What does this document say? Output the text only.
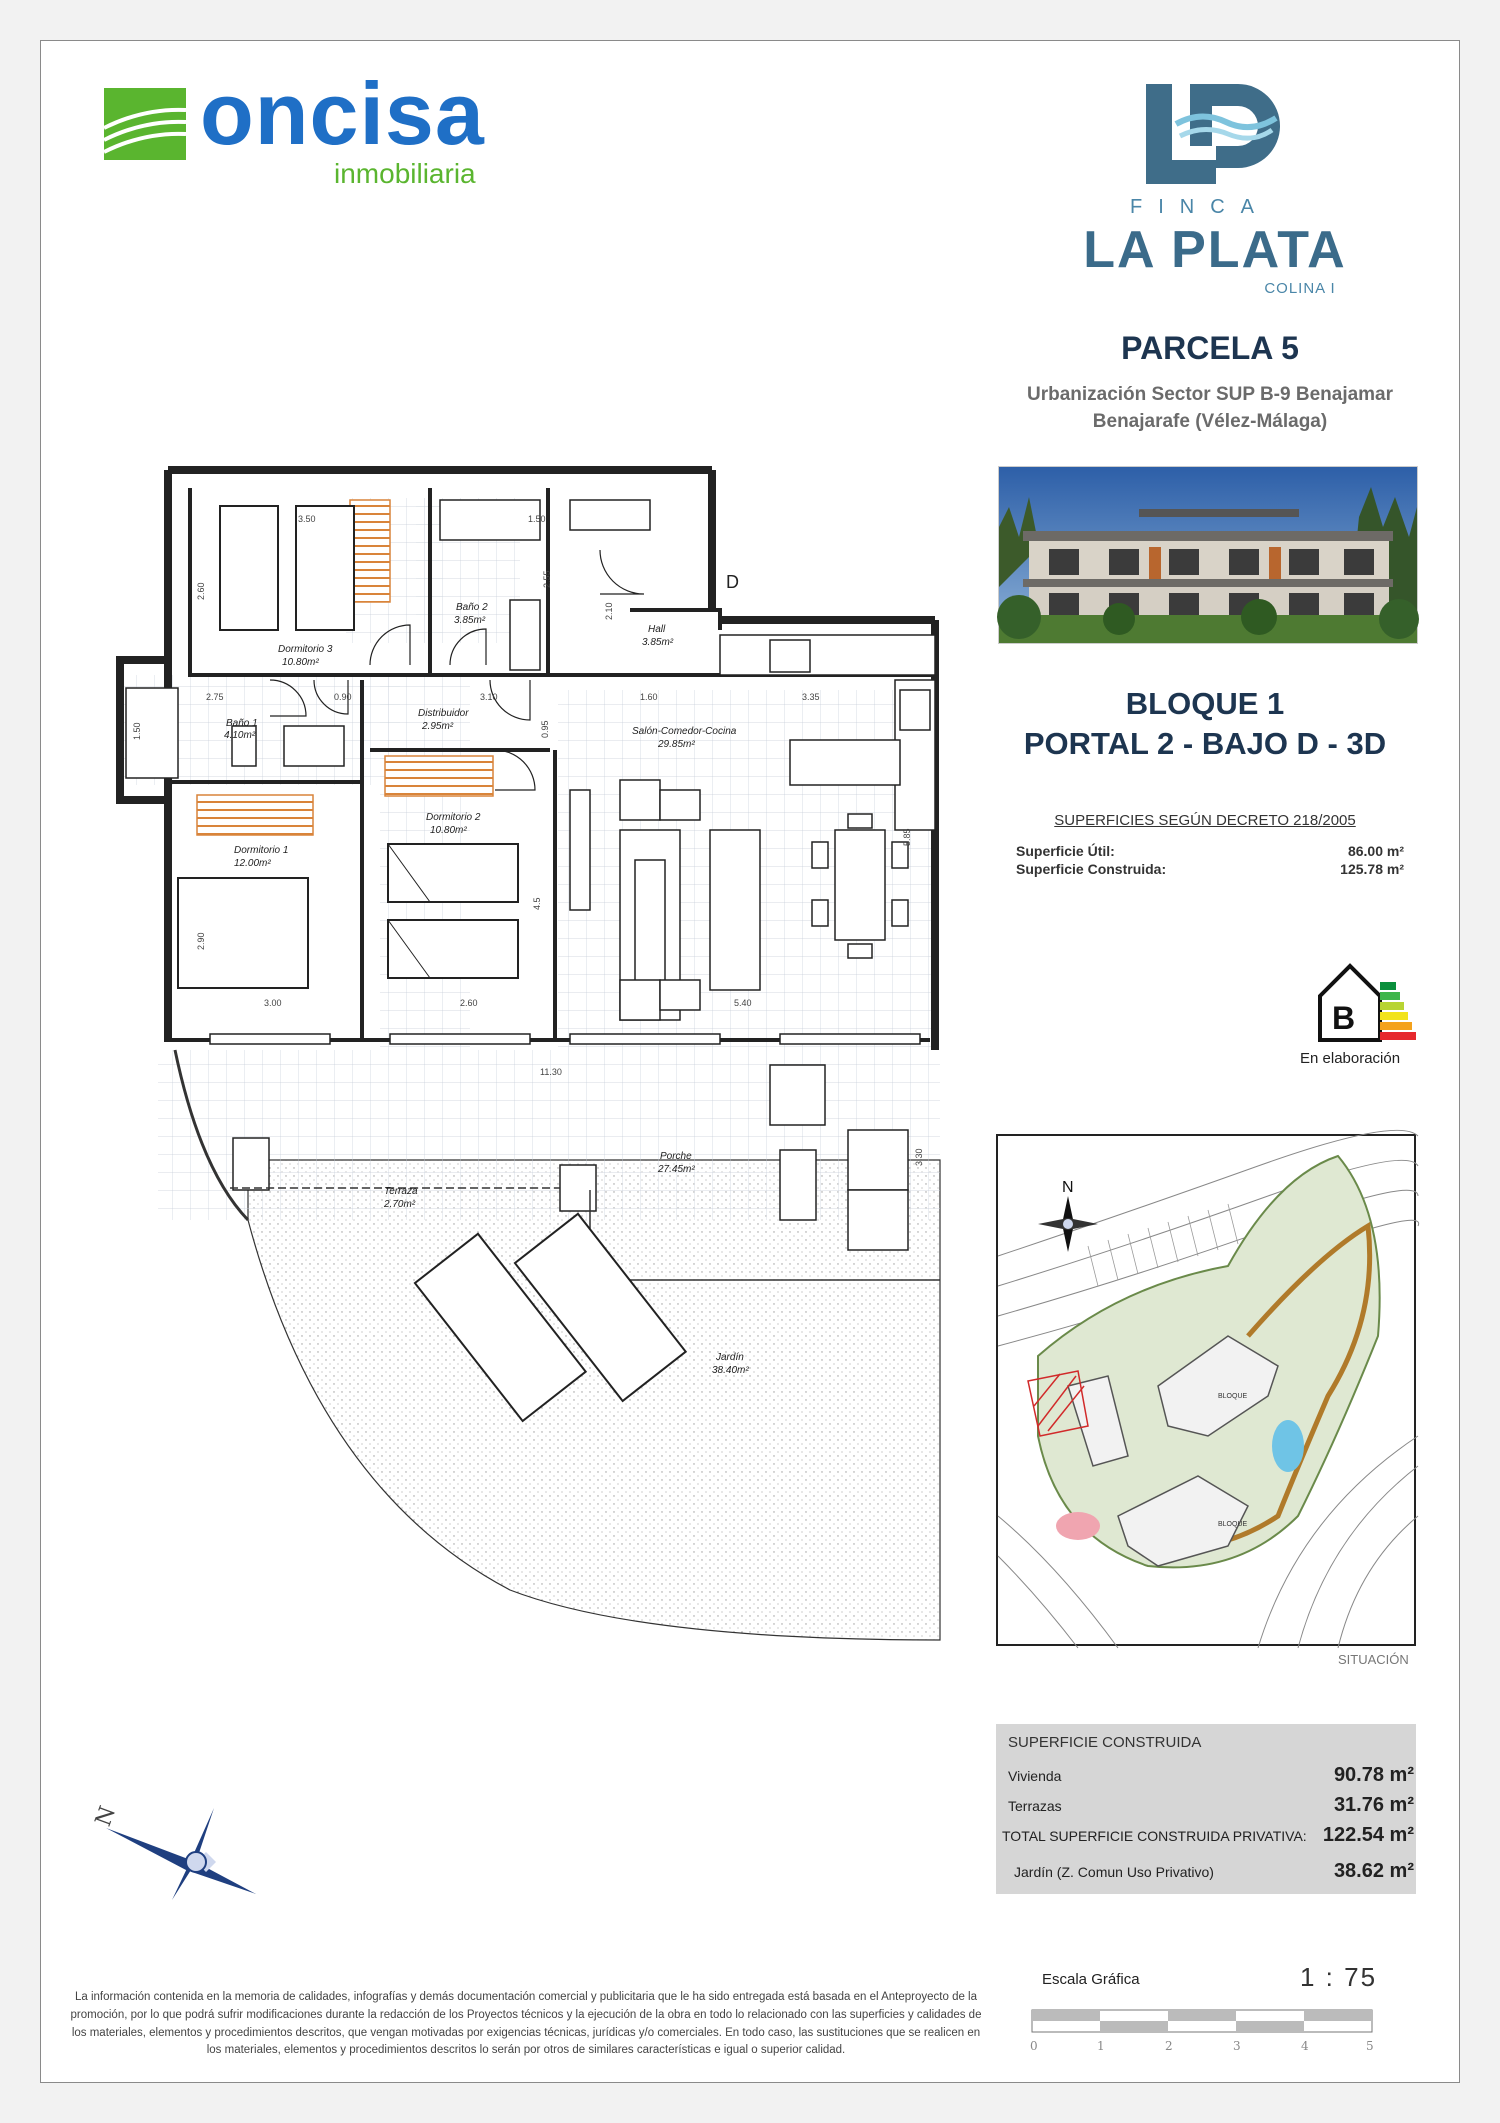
oncisa
inmobiliaria
FINCA
LA PLATA
COLINA I
PARCELA 5
Urbanización Sector SUP B-9 Benajamar
Benajarafe (Vélez-Málaga)
BLOQUE 1
PORTAL 2 - BAJO D - 3D
SUPERFICIES SEGÚN DECRETO 218/2005
Superficie Útil:	86.00 m²
Superficie Construida:	125.78 m²
B
En elaboración
BLOQUE
BLOQUE
N
SITUACIÓN
SUPERFICIE CONSTRUIDA
Vivienda	90.78 m²
Terrazas	31.76 m²
TOTAL SUPERFICIE CONSTRUIDA PRIVATIVA: 122.54 m²
Jardín (Z. Comun Uso Privativo)	38.62 m²
Escala Gráfica	1 : 75
0	1	2	3	4	5
La información contenida en la memoria de calidades, infografías y demás documentación comercial y publicitaria que le ha sido entregada está basada en el Anteproyecto de la promoción, por lo que podrá sufrir modificaciones durante la redacción de los Proyectos técnicos y la ejecución de la obra en todo lo relacionado con las superficies y calidades de los materiales, elementos y procedimientos descritos, que vengan motivadas por exigencias técnicas, jurídicas y/o comerciales. En todo caso, las sustituciones que se realicen en los materiales, elementos y procedimientos descritos lo serán por otros de similares características e igual o superior calidad.
N
Dormitorio 3
10.80m²
Baño 2
3.85m²
Hall
3.85m²
Baño 1
4.10m²
Distribuidor
2.95m²	Salón-Comedor-Cocina
29.85m²
Dormitorio 2
10.80m²
Dormitorio 1
12.00m²
Porche
27.45m²
Terraza
2.70m²
Jardín
38.40m²
D
3.50	1.50
2.60
2.55
2.10
2.75	0.90	3.10	1.60	3.35
1.50	0.95
5.85
4.5
2.90
3.00	2.60	5.40
11.30
3.30
